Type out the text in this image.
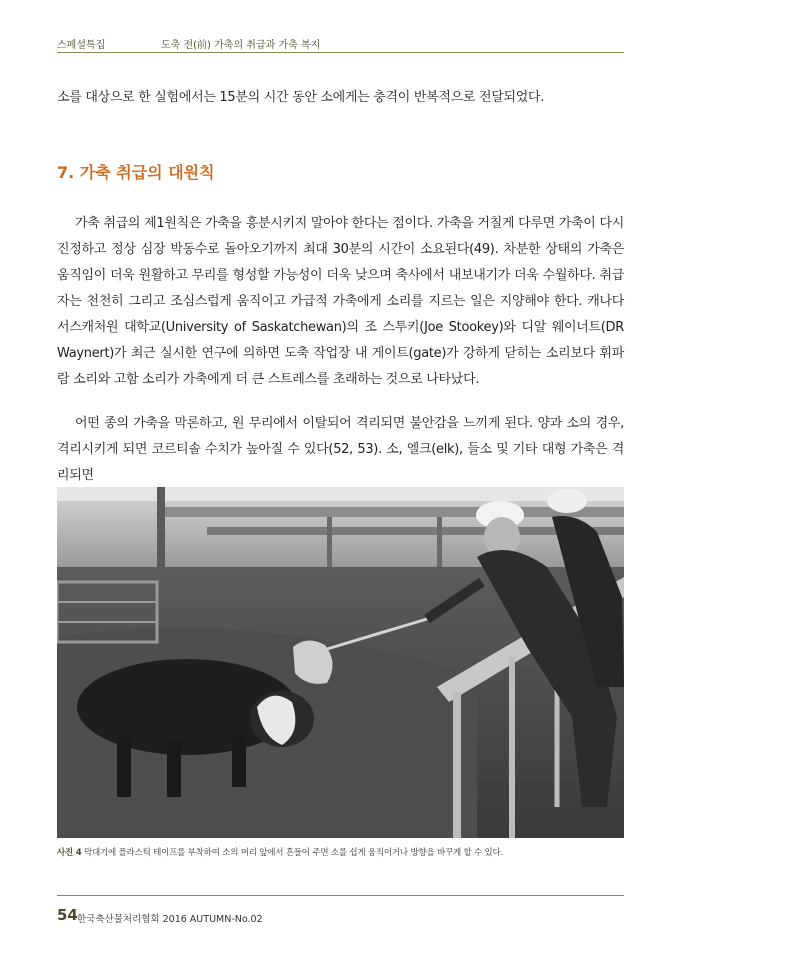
스페셜특집	도축 전(前) 가축의 취급과 가축 복지

소를 대상으로 한 실험에서는 15분의 시간 동안 소에게는 충격이 반복적으로 전달되었다.

7. 가축 취급의 대원칙

가축 취급의 제1원칙은 가축을 흥분시키지 말아야 한다는 점이다. 가축을 거칠게 다루면 가축이 다시 진정하고 정상 심장 박동수로 돌아오기까지 최대 30분의 시간이 소요된다(49). 차분한 상태의 가축은 움직임이 더욱 원활하고 무리를 형성할 가능성이 더욱 낮으며 축사에서 내보내기가 더욱 수월하다. 취급자는 천천히 그리고 조심스럽게 움직이고 가급적 가축에게 소리를 지르는 일은 지양해야 한다. 캐나다 서스캐처원 대학교(University of Saskatchewan)의 조 스투키(Joe Stookey)와 디알 웨이너트(DR Waynert)가 최근 실시한 연구에 의하면 도축 작업장 내 게이트(gate)가 강하게 닫히는 소리보다 휘파람 소리와 고함 소리가 가축에게 더 큰 스트레스를 초래하는 것으로 나타났다.

어떤 종의 가축을 막론하고, 원 무리에서 이탈되어 격리되면 불안감을 느끼게 된다. 양과 소의 경우, 격리시키게 되면 코르티솔 수치가 높아질 수 있다(52, 53). 소, 엘크(elk), 들소 및 기타 대형 가축은 격리되면

사진 4 막대기에 플라스틱 테이프를 부착하여 소의 머리 앞에서 흔들어 주면 소를 쉽게 움직이거나 방향을 바꾸게 할 수 있다.
54 한국축산물처리협회 2016 AUTUMN-No.02
